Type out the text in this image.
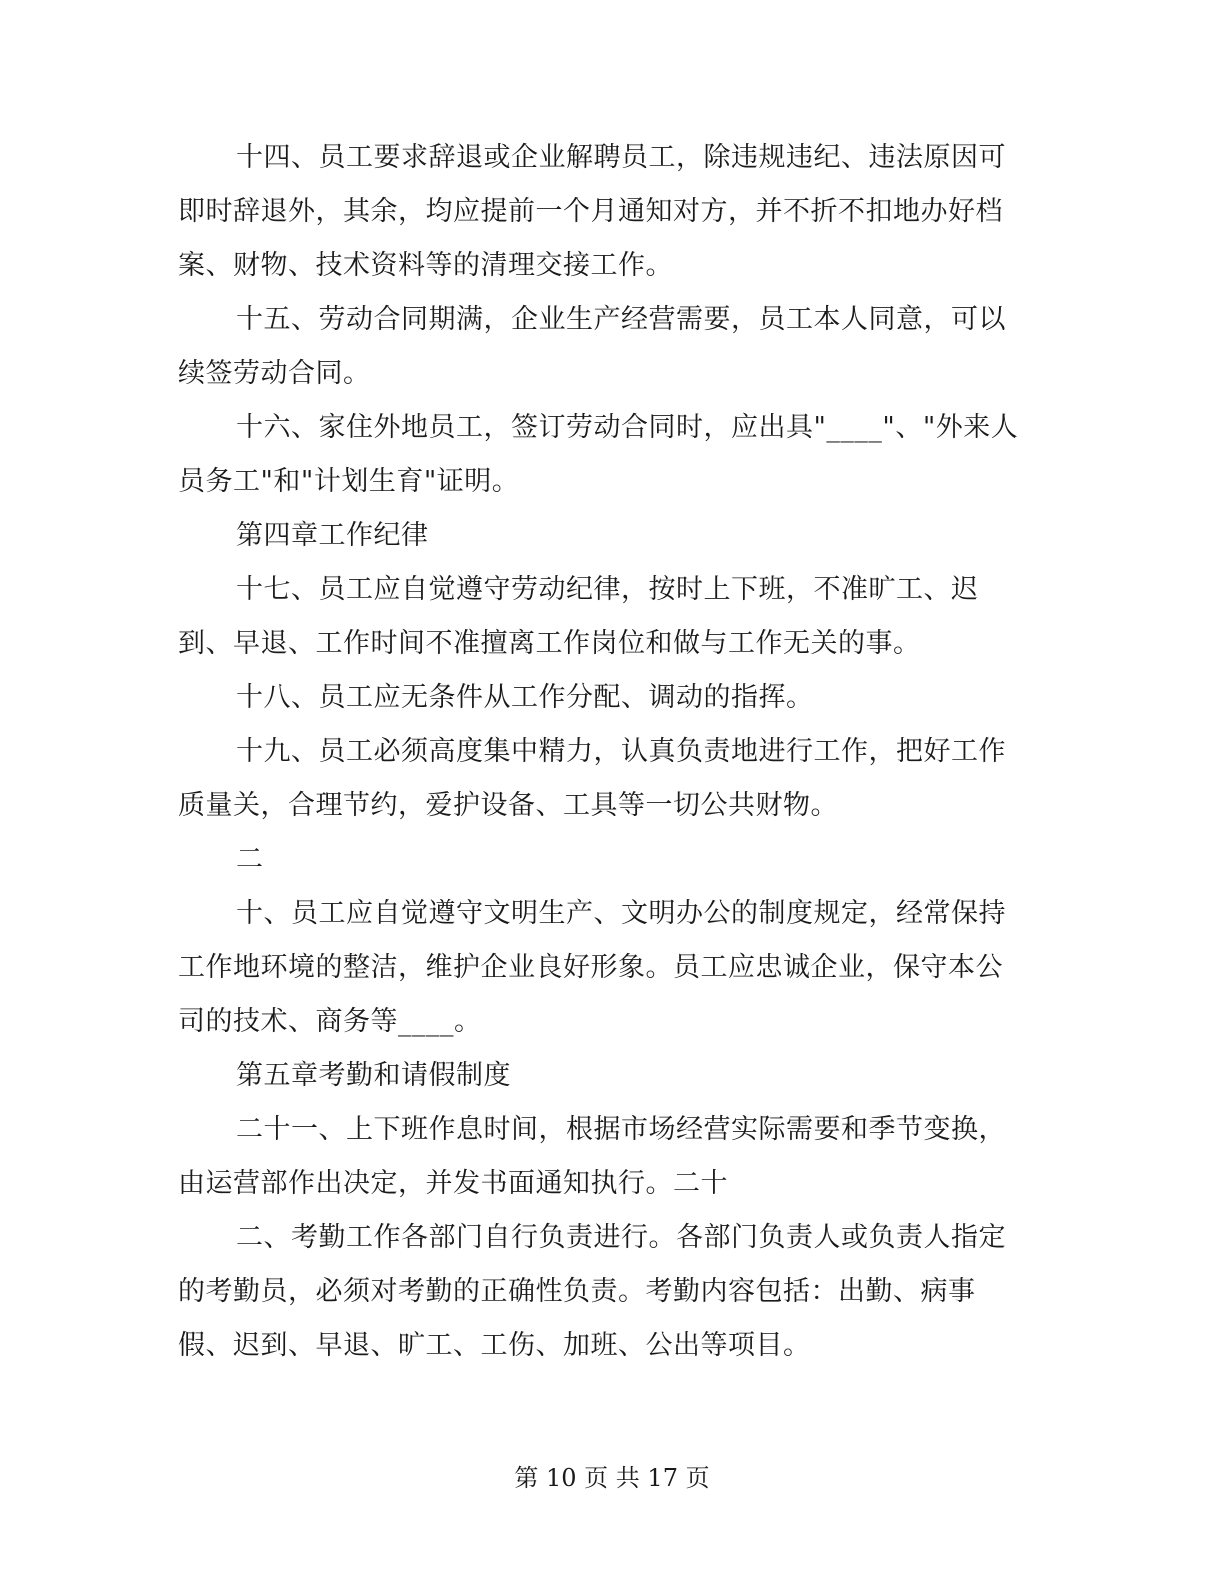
十四、员工要求辞退或企业解聘员工，除违规违纪、违法原因可
即时辞退外，其余，均应提前一个月通知对方，并不折不扣地办好档
案、财物、技术资料等的清理交接工作。
十五、劳动合同期满，企业生产经营需要，员工本人同意，可以
续签劳动合同。
十六、家住外地员工，签订劳动合同时，应出具"____"、"外来人
员务工"和"计划生育"证明。
第四章工作纪律
十七、员工应自觉遵守劳动纪律，按时上下班，不准旷工、迟
到、早退、工作时间不准擅离工作岗位和做与工作无关的事。
十八、员工应无条件从工作分配、调动的指挥。
十九、员工必须高度集中精力，认真负责地进行工作，把好工作
质量关，合理节约，爱护设备、工具等一切公共财物。
二
十、员工应自觉遵守文明生产、文明办公的制度规定，经常保持
工作地环境的整洁，维护企业良好形象。员工应忠诚企业，保守本公
司的技术、商务等____。
第五章考勤和请假制度
二十一、上下班作息时间，根据市场经营实际需要和季节变换，
由运营部作出决定，并发书面通知执行。二十
二、考勤工作各部门自行负责进行。各部门负责人或负责人指定
的考勤员，必须对考勤的正确性负责。考勤内容包括：出勤、病事
假、迟到、早退、旷工、工伤、加班、公出等项目。
第 10 页 共 17 页
